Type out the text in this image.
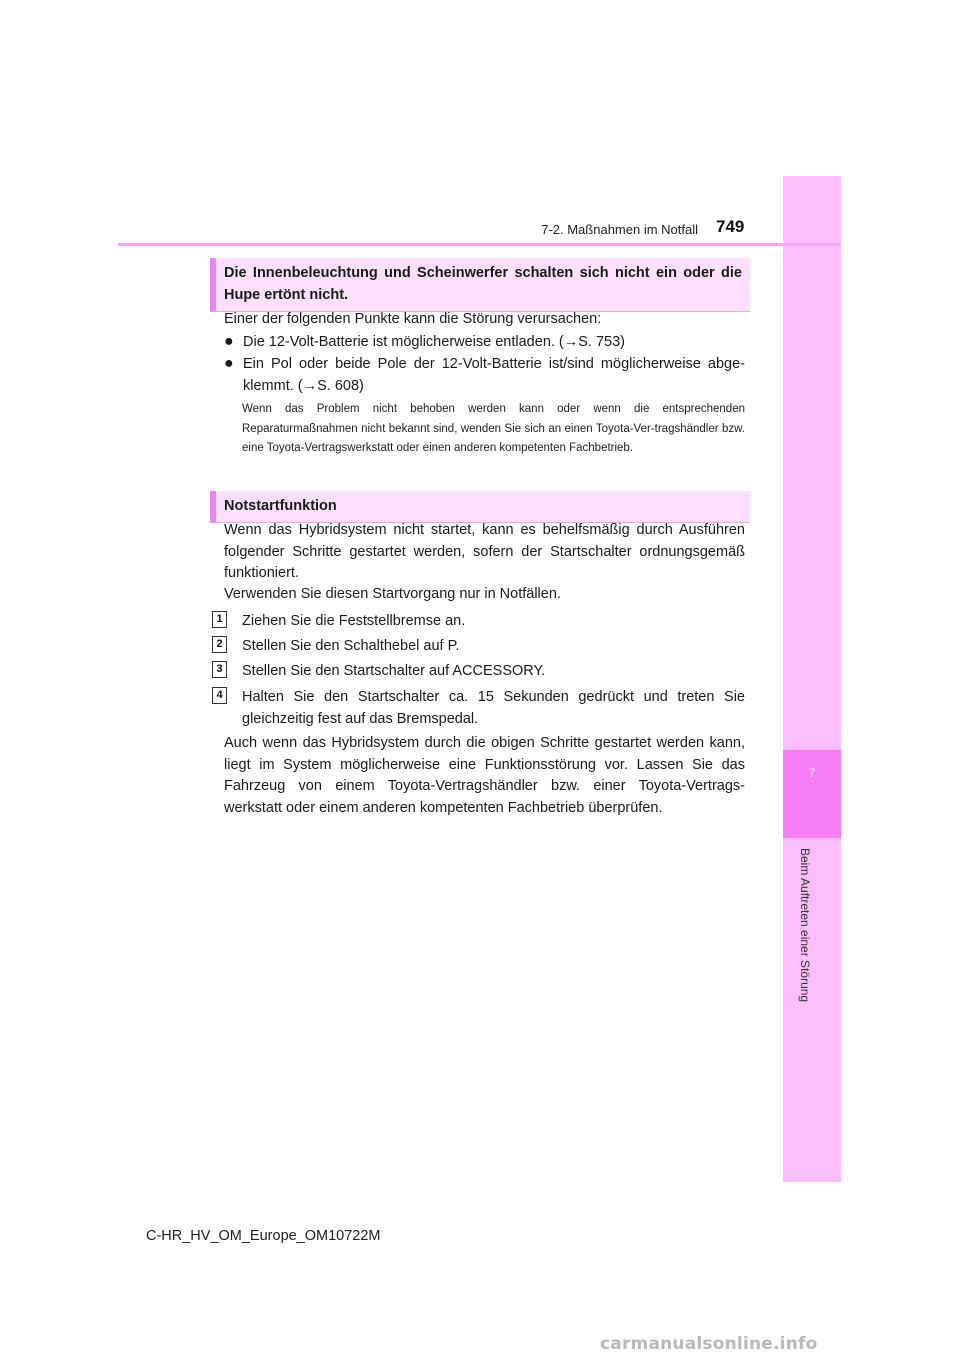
7
Beim Auftreten einer Störung
7-2. Maßnahmen im Notfall 749
Die Innenbeleuchtung und Scheinwerfer schalten sich nicht ein oder die Hupe ertönt nicht.
Einer der folgenden Punkte kann die Störung verursachen:
● Die 12-Volt-Batterie ist möglicherweise entladen. (→S. 753)
● Ein Pol oder beide Pole der 12-Volt-Batterie ist/sind möglicherweise abge-klemmt. (→S. 608)
Wenn das Problem nicht behoben werden kann oder wenn die entsprechenden Reparaturmaßnahmen nicht bekannt sind, wenden Sie sich an einen Toyota-Ver-tragshändler bzw. eine Toyota-Vertragswerkstatt oder einen anderen kompetenten Fachbetrieb.
Notstartfunktion
Wenn das Hybridsystem nicht startet, kann es behelfsmäßig durch Ausführen folgender Schritte gestartet werden, sofern der Startschalter ordnungsgemäß funktioniert.
Verwenden Sie diesen Startvorgang nur in Notfällen.
1	Ziehen Sie die Feststellbremse an.
2	Stellen Sie den Schalthebel auf P.
3	Stellen Sie den Startschalter auf ACCESSORY.
4	Halten Sie den Startschalter ca. 15 Sekunden gedrückt und treten Sie gleichzeitig fest auf das Bremspedal.
Auch wenn das Hybridsystem durch die obigen Schritte gestartet werden kann, liegt im System möglicherweise eine Funktionsstörung vor. Lassen Sie das Fahrzeug von einem Toyota-Vertragshändler bzw. einer Toyota-Vertrags-werkstatt oder einem anderen kompetenten Fachbetrieb überprüfen.
C-HR_HV_OM_Europe_OM10722M
carmanualsonline.info
